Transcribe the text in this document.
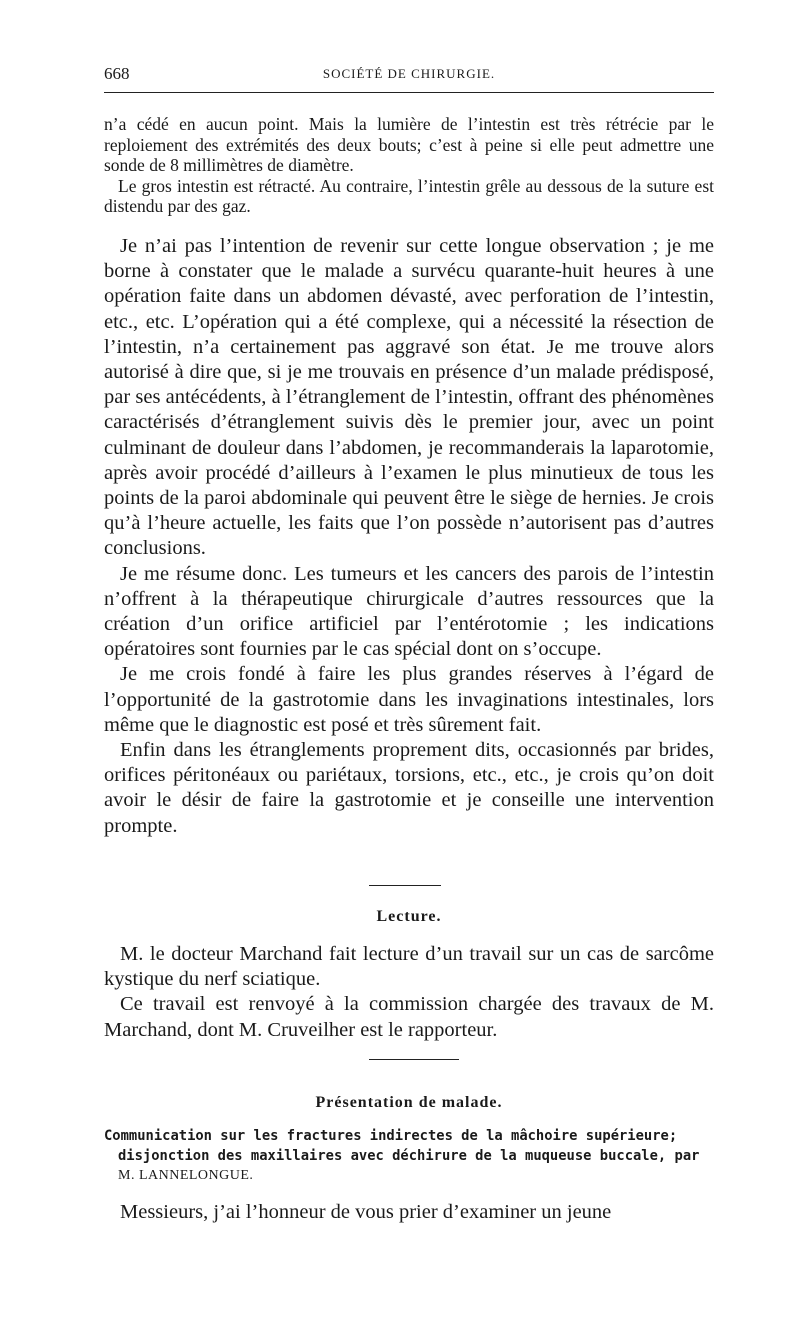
668	SOCIÉTÉ DE CHIRURGIE.

n’a cédé en aucun point. Mais la lumière de l’intestin est très rétrécie par le reploiement des extrémités des deux bouts; c’est à peine si elle peut admettre une sonde de 8 millimètres de diamètre.

Le gros intestin est rétracté. Au contraire, l’intestin grêle au dessous de la suture est distendu par des gaz.

Je n’ai pas l’intention de revenir sur cette longue observation ; je me borne à constater que le malade a survécu quarante-huit heures à une opération faite dans un abdomen dévasté, avec perforation de l’intestin, etc., etc. L’opération qui a été complexe, qui a nécessité la résection de l’intestin, n’a certainement pas aggravé son état. Je me trouve alors autorisé à dire que, si je me trouvais en présence d’un malade prédisposé, par ses antécédents, à l’étranglement de l’intestin, offrant des phénomènes caractérisés d’étranglement suivis dès le premier jour, avec un point culminant de douleur dans l’abdomen, je recommanderais la laparotomie, après avoir procédé d’ailleurs à l’examen le plus minutieux de tous les points de la paroi abdominale qui peuvent être le siège de hernies. Je crois qu’à l’heure actuelle, les faits que l’on possède n’autorisent pas d’autres conclusions.

Je me résume donc. Les tumeurs et les cancers des parois de l’intestin n’offrent à la thérapeutique chirurgicale d’autres ressources que la création d’un orifice artificiel par l’entérotomie ; les indications opératoires sont fournies par le cas spécial dont on s’occupe.

Je me crois fondé à faire les plus grandes réserves à l’égard de l’opportunité de la gastrotomie dans les invaginations intestinales, lors même que le diagnostic est posé et très sûrement fait.

Enfin dans les étranglements proprement dits, occasionnés par brides, orifices péritonéaux ou pariétaux, torsions, etc., etc., je crois qu’on doit avoir le désir de faire la gastrotomie et je conseille une intervention prompte.

Lecture.

M. le docteur Marchand fait lecture d’un travail sur un cas de sarcôme kystique du nerf sciatique.

Ce travail est renvoyé à la commission chargée des travaux de M. Marchand, dont M. Cruveilher est le rapporteur.

Présentation de malade.
Communication sur les fractures indirectes de la mâchoire supérieure;
disjonction des maxillaires avec déchirure de la muqueuse buccale, par
M. LANNELONGUE.

Messieurs, j’ai l’honneur de vous prier d’examiner un jeune
